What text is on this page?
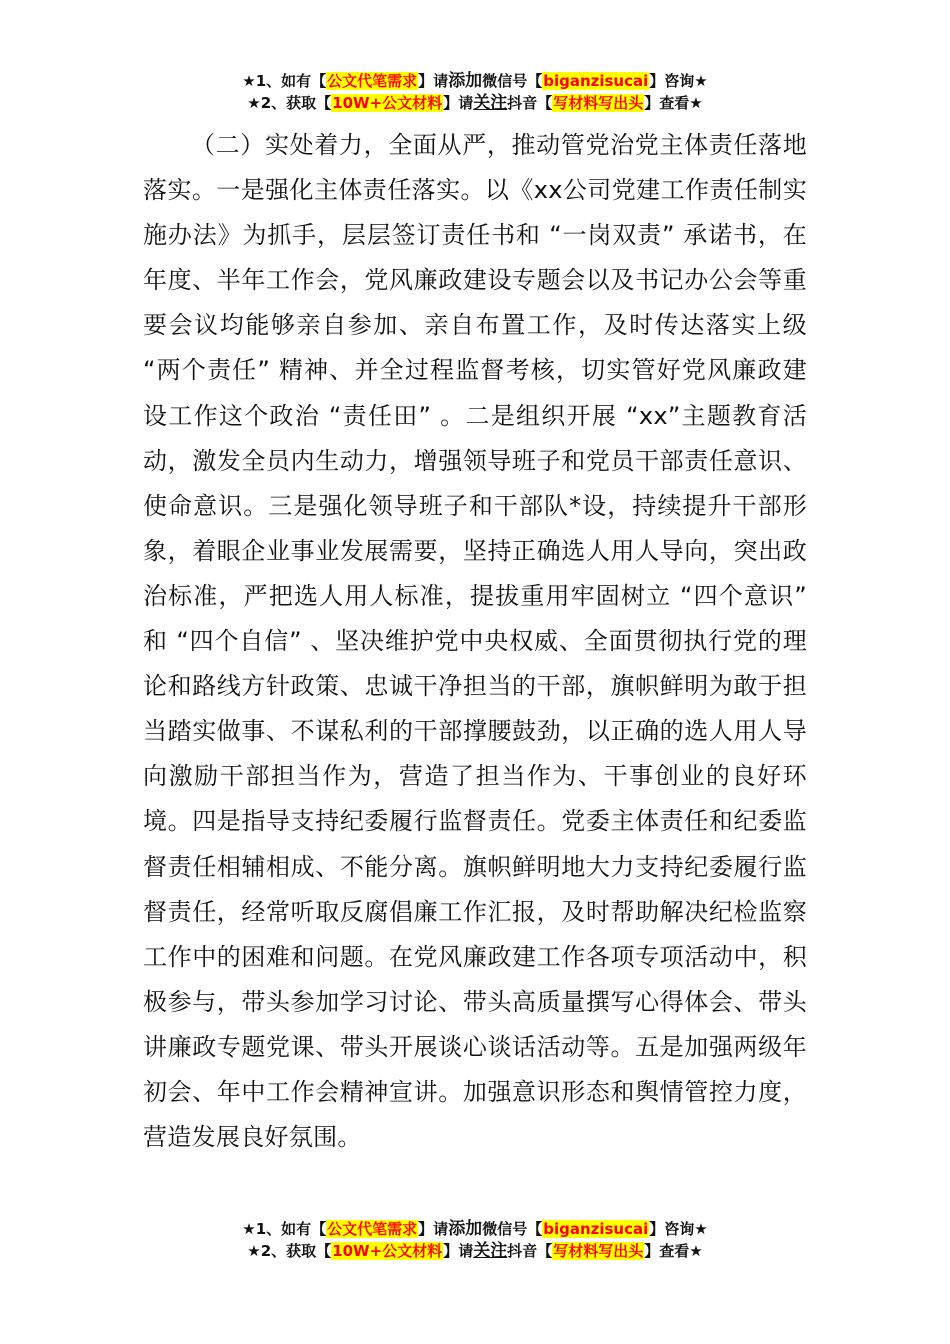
★1、如有【公文代笔需求】请添加微信号【biganzisucai】咨询★
★2、获取【10W+公文材料】请关注抖音【写材料写出头】查看★
（二）实处着力，全面从严，推动管党治党主体责任落地落实。一是强化主体责任落实。以《xx公司党建工作责任制实施办法》为抓手，层层签订责任书和 “一岗双责” 承诺书，在年度、半年工作会，党风廉政建设专题会以及书记办公会等重要会议均能够亲自参加、亲自布置工作，及时传达落实上级 “两个责任” 精神、并全过程监督考核，切实管好党风廉政建设工作这个政治 “责任田” 。二是组织开展 “xx”主题教育活动，激发全员内生动力，增强领导班子和党员干部责任意识、使命意识。三是强化领导班子和干部队*设，持续提升干部形象，着眼企业事业发展需要，坚持正确选人用人导向，突出政治标准，严把选人用人标准，提拔重用牢固树立 “四个意识” 和 “四个自信” 、坚决维护党中央权威、全面贯彻执行党的理论和路线方针政策、忠诚干净担当的干部，旗帜鲜明为敢于担当踏实做事、不谋私利的干部撑腰鼓劲，以正确的选人用人导向激励干部担当作为，营造了担当作为、干事创业的良好环境。四是指导支持纪委履行监督责任。党委主体责任和纪委监督责任相辅相成、不能分离。旗帜鲜明地大力支持纪委履行监督责任，经常听取反腐倡廉工作汇报，及时帮助解决纪检监察工作中的困难和问题。在党风廉政建工作各项专项活动中，积极参与，带头参加学习讨论、带头高质量撰写心得体会、带头讲廉政专题党课、带头开展谈心谈话活动等。五是加强两级年初会、年中工作会精神宣讲。加强意识形态和舆情管控力度，营造发展良好氛围。
★1、如有【公文代笔需求】请添加微信号【biganzisucai】咨询★
★2、获取【10W+公文材料】请关注抖音【写材料写出头】查看★
